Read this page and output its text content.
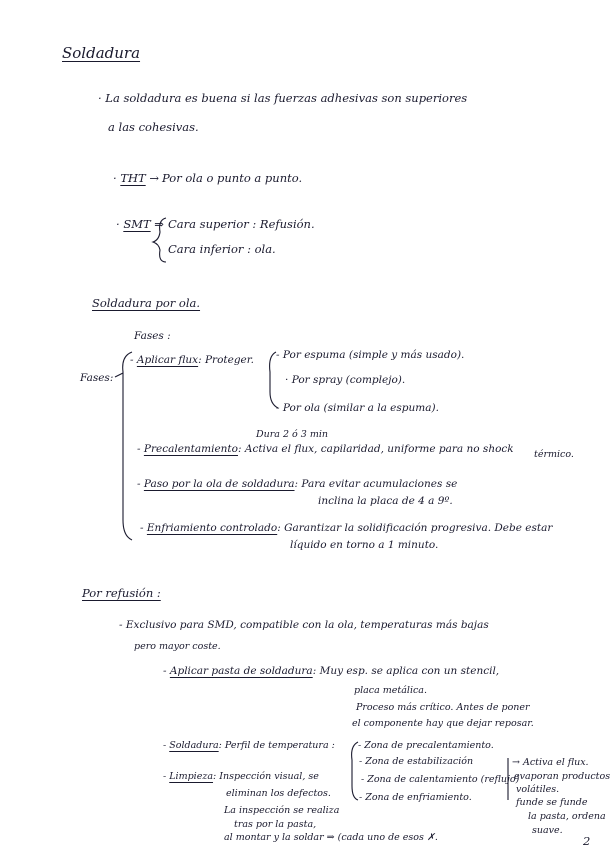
Soldadura
· La soldadura es buena si las fuerzas adhesivas son superiores
a las cohesivas.
· THT → Por ola o punto a punto.
· SMT ⇒ Cara superior : Refusión.
Cara inferior : ola.
Soldadura por ola.
Fases :
Fases:
- Aplicar flux: Proteger. - Por espuma (simple y más usado).
· Por spray (complejo).
- Por ola (similar a la espuma).
Dura 2 ó 3 min
- Precalentamiento: Activa el flux, capilaridad, uniforme para no shock térmico.
- Paso por la ola de soldadura: Para evitar acumulaciones se
inclina la placa de 4 a 9º.
- Enfriamiento controlado: Garantizar la solidificación progresiva. Debe estar
líquido en torno a 1 minuto.
Por refusión :
- Exclusivo para SMD, compatible con la ola, temperaturas más bajas
pero mayor coste.
- Aplicar pasta de soldadura: Muy esp. se aplica con un stencil,
placa metálica.
Proceso más crítico. Antes de poner
el componente hay que dejar reposar.
- Soldadura: Perfil de temperatura : - Zona de precalentamiento.
- Zona de estabilización
- Zona de calentamiento (reflujo)
- Zona de enfriamiento.
→ Activa el flux.
evaporan productos
volátiles.
funde se funde
la pasta, ordena
suave.
- Limpieza: Inspección visual, se
eliminan los defectos.
La inspección se realiza
tras por la pasta,
al montar y la soldar ⇒ (cada uno de esos ✗.	2
